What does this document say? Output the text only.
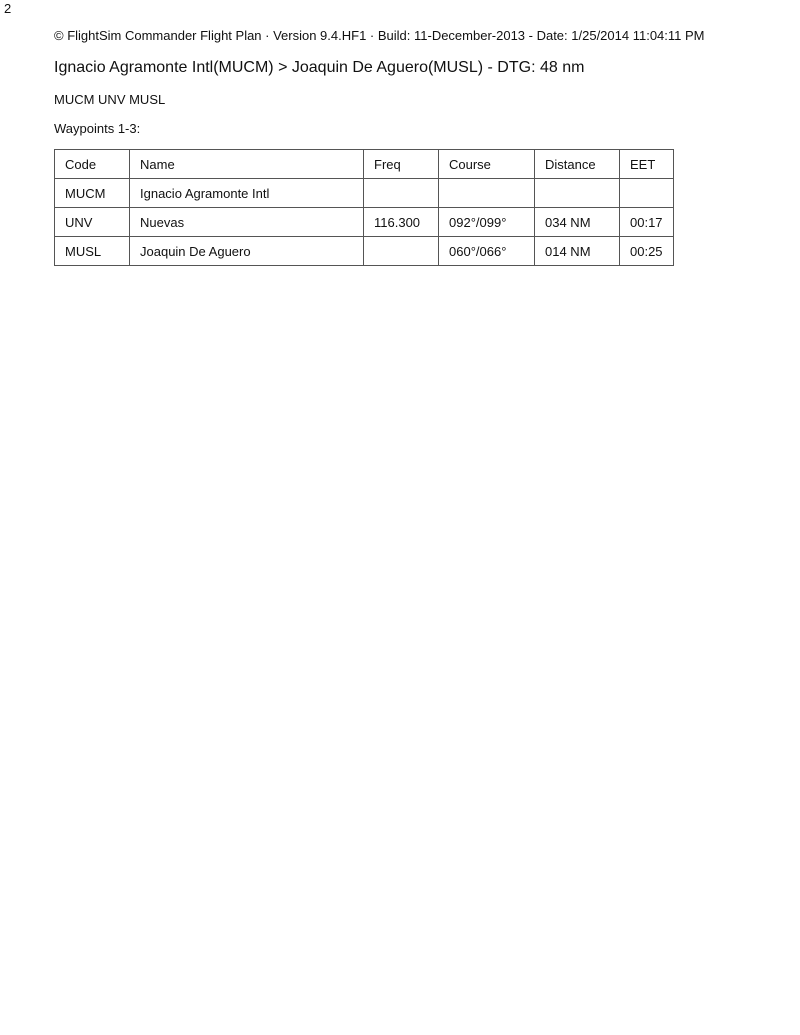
2
© FlightSim Commander Flight Plan · Version 9.4.HF1 · Build: 11-December-2013 - Date: 1/25/2014 11:04:11 PM
Ignacio Agramonte Intl(MUCM) > Joaquin De Aguero(MUSL) - DTG: 48 nm
MUCM UNV MUSL
Waypoints 1-3:
Code	Name	Freq	Course	Distance	EET
MUCM	Ignacio Agramonte Intl				
UNV	Nuevas	116.300	092°/099°	034 NM	00:17
MUSL	Joaquin De Aguero		060°/066°	014 NM	00:25
